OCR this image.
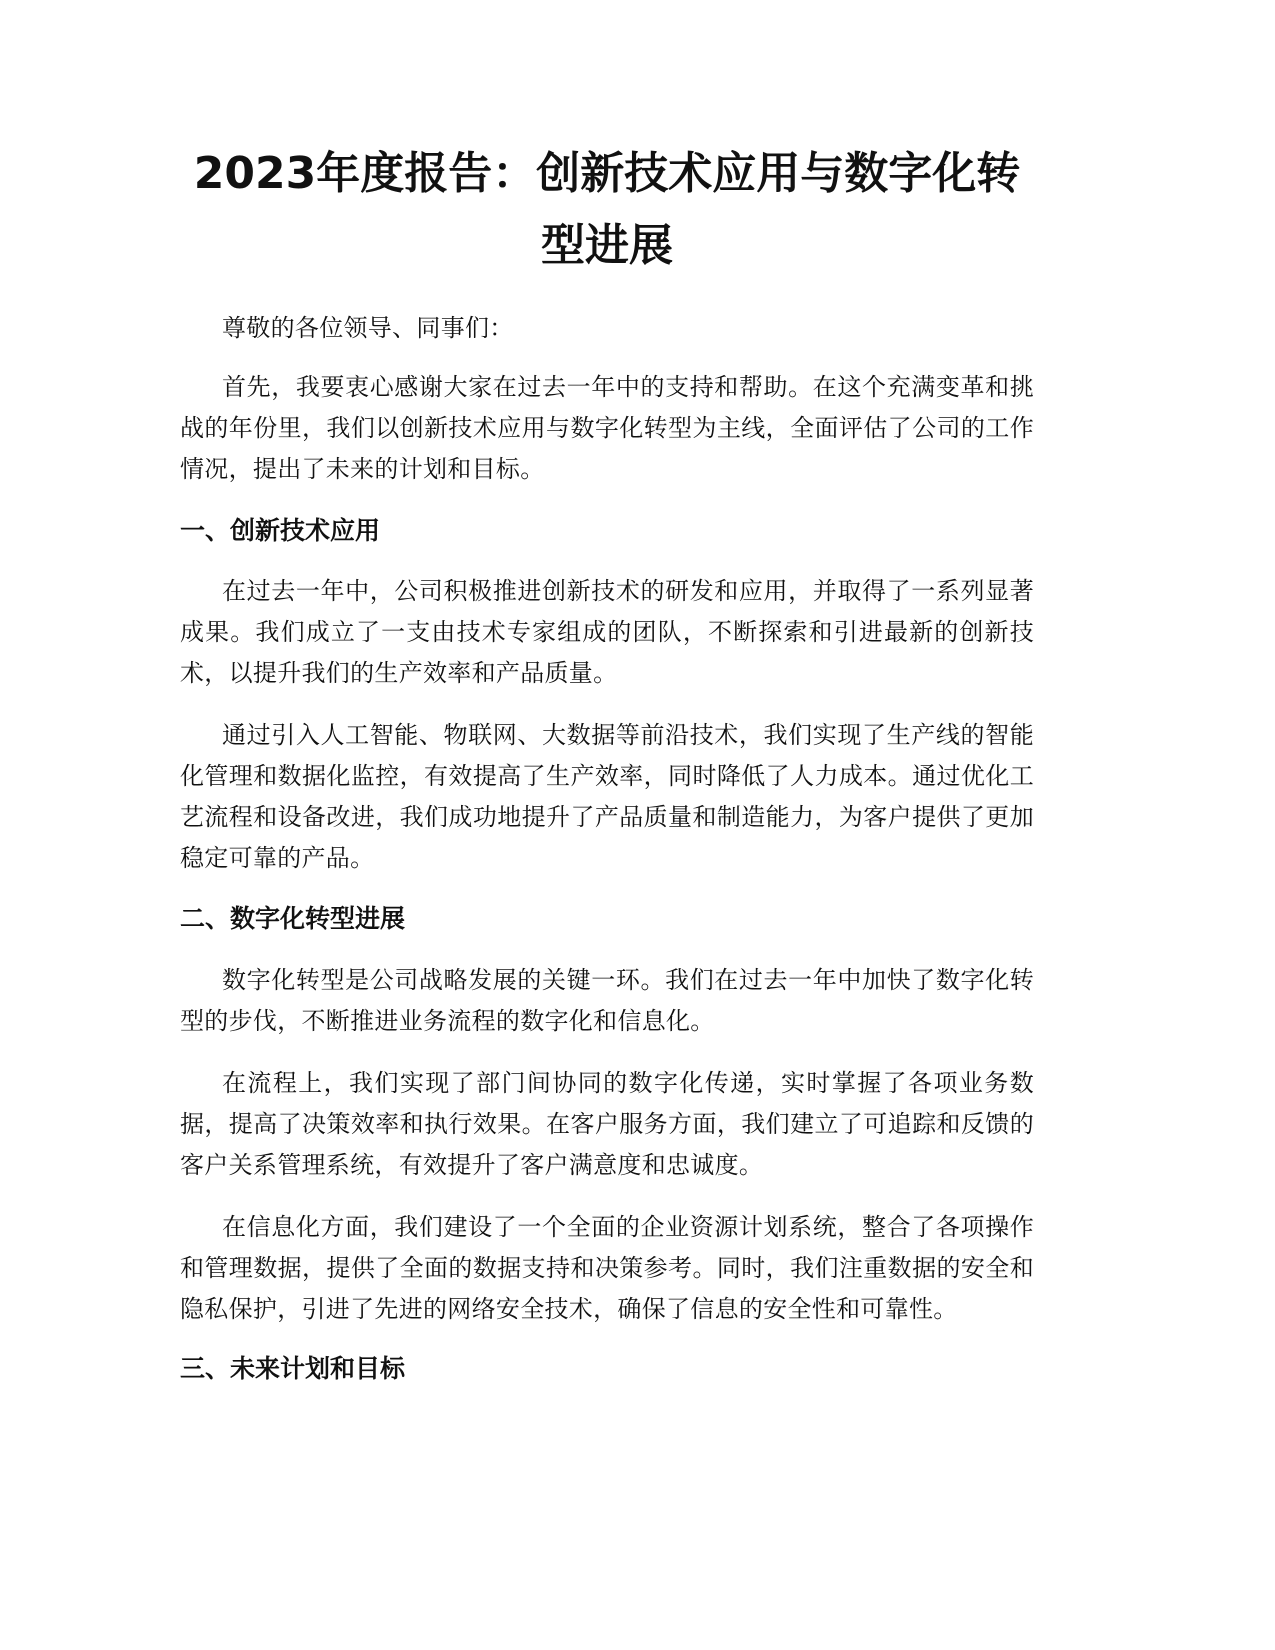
2023年度报告：创新技术应用与数字化转型进展

尊敬的各位领导、同事们：

首先，我要衷心感谢大家在过去一年中的支持和帮助。在这个充满变革和挑战的年份里，我们以创新技术应用与数字化转型为主线，全面评估了公司的工作情况，提出了未来的计划和目标。

一、创新技术应用

在过去一年中，公司积极推进创新技术的研发和应用，并取得了一系列显著成果。我们成立了一支由技术专家组成的团队，不断探索和引进最新的创新技术，以提升我们的生产效率和产品质量。

通过引入人工智能、物联网、大数据等前沿技术，我们实现了生产线的智能化管理和数据化监控，有效提高了生产效率，同时降低了人力成本。通过优化工艺流程和设备改进，我们成功地提升了产品质量和制造能力，为客户提供了更加稳定可靠的产品。

二、数字化转型进展

数字化转型是公司战略发展的关键一环。我们在过去一年中加快了数字化转型的步伐，不断推进业务流程的数字化和信息化。

在流程上，我们实现了部门间协同的数字化传递，实时掌握了各项业务数据，提高了决策效率和执行效果。在客户服务方面，我们建立了可追踪和反馈的客户关系管理系统，有效提升了客户满意度和忠诚度。

在信息化方面，我们建设了一个全面的企业资源计划系统，整合了各项操作和管理数据，提供了全面的数据支持和决策参考。同时，我们注重数据的安全和隐私保护，引进了先进的网络安全技术，确保了信息的安全性和可靠性。

三、未来计划和目标
